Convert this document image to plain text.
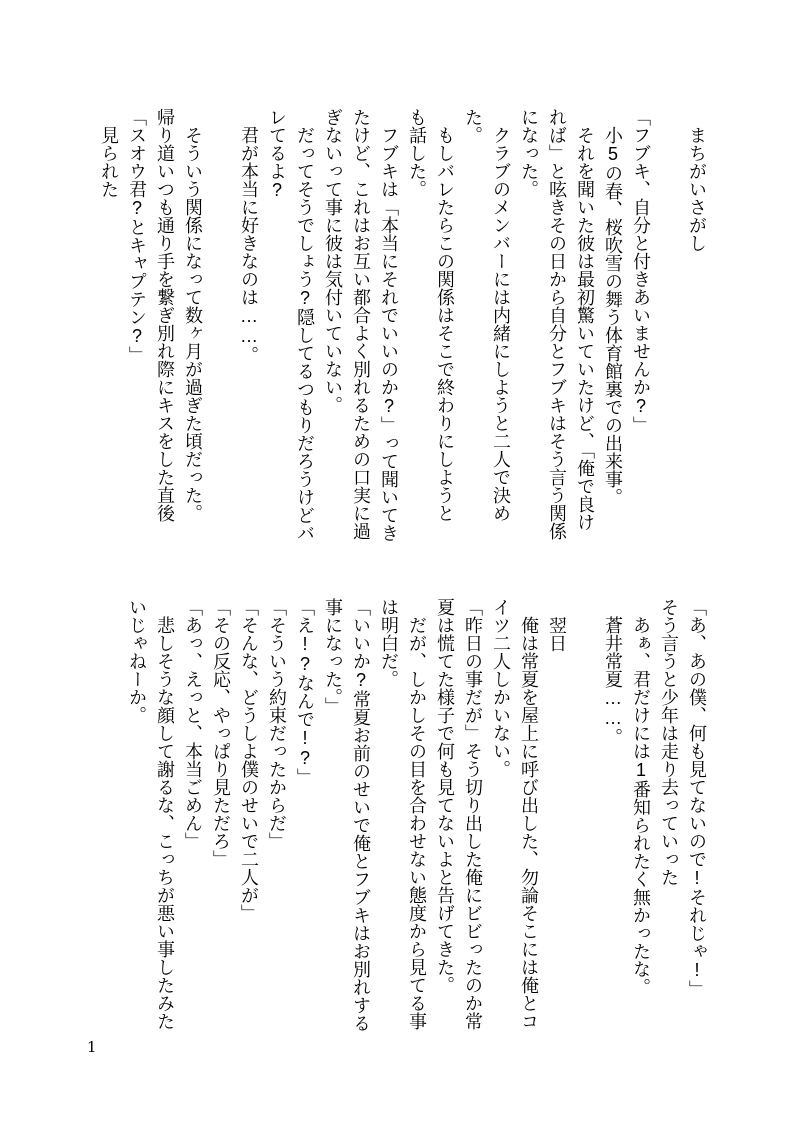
　まちがいさがし

「フブキ、自分と付きあいませんか?」
　小5の春、桜吹雪の舞う体育館裏での出来事。
　それを聞いた彼は最初驚いていたけど、「俺で良け
れば」と呟きその日から自分とフブキはそう言う関係
になった。
　クラブのメンバーには内緒にしようと二人で決め
た。
　もしバレたらこの関係はそこで終わりにしようと
も話した。
　フブキは「本当にそれでいいのか?」って聞いてき
たけど、これはお互い都合よく別れるための口実に過
ぎないって事に彼は気付いていない。
　だってそうでしょう?隠してるつもりだろうけどバ
レてるよ?
　君が本当に好きなのは……。

　そういう関係になって数ヶ月が過ぎた頃だった。
帰り道いつも通り手を繋ぎ別れ際にキスをした直後
「スオウ君?とキャプテン?」
　見られた
「あ、あの僕、何も見てないので!それじゃ!」
そう言うと少年は走り去っていった
　あぁ、君だけには1番知られたく無かったな。
　蒼井常夏……。

　翌日
　俺は常夏を屋上に呼び出した、勿論そこには俺とコ
イツ二人しかいない。
「昨日の事だが」そう切り出した俺にビビったのか常
夏は慌てた様子で何も見てないよと告げてきた。
　だが、しかしその目を合わせない態度から見てる事
は明白だ。
「いいか?常夏お前のせいで俺とフブキはお別れする
事になった。」
「え!?なんで!?」
「そういう約束だったからだ」
「そんな、どうしよ僕のせいで二人が」
「その反応、やっぱり見ただろ」
「あっ、えっと、本当ごめん」
　悲しそうな顔して謝るな、こっちが悪い事したみた
いじゃねーか。
1
